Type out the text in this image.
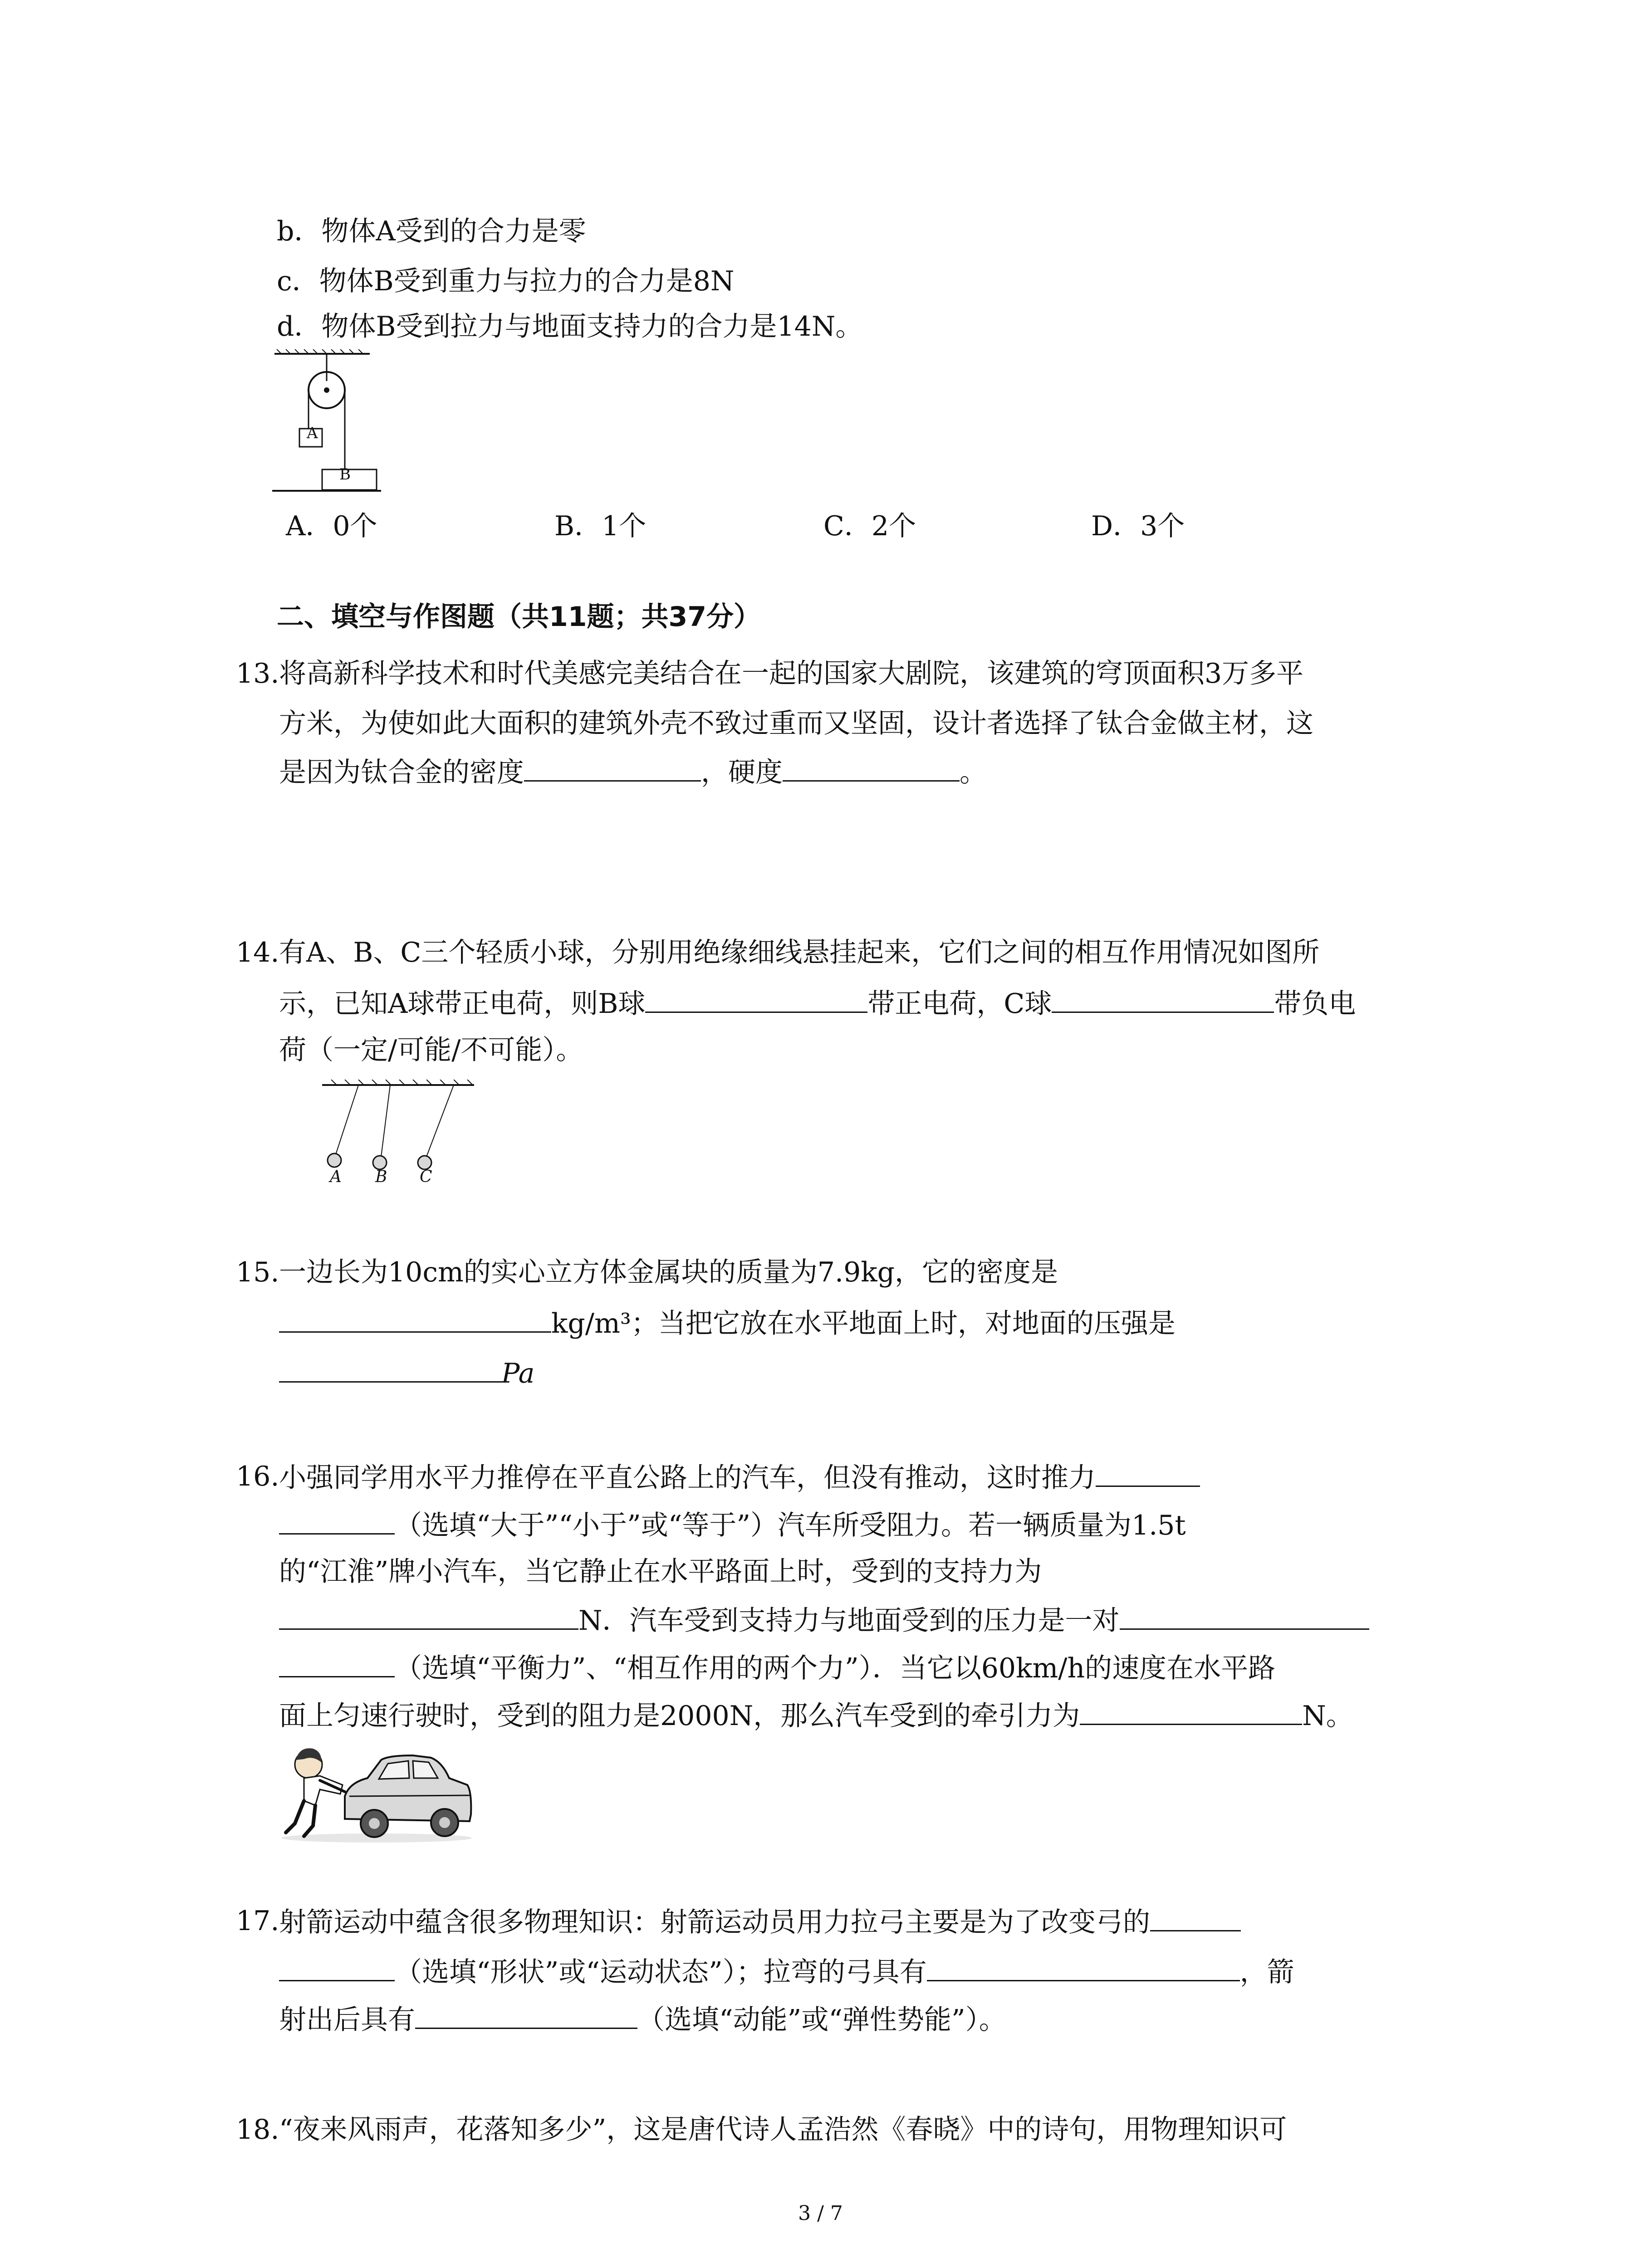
b．物体A受到的合力是零
c．物体B受到重力与拉力的合力是8N
d．物体B受到拉力与地面支持力的合力是14N。
A
B
A．0个	B．1个	C．2个	D．3个
二、填空与作图题（共11题；共37分）
13. 将高新科学技术和时代美感完美结合在一起的国家大剧院，该建筑的穹顶面积3万多平
方米，为使如此大面积的建筑外壳不致过重而又坚固，设计者选择了钛合金做主材，这
是因为钛合金的密度	，硬度	。
14. 有A、B、C三个轻质小球，分别用绝缘细线悬挂起来，它们之间的相互作用情况如图所
示，已知A球带正电荷，则B球	带正电荷，C球	带负电
荷（一定/可能/不可能）。
A B C
15. 一边长为10cm的实心立方体金属块的质量为7.9kg，它的密度是
kg/m³；当把它放在水平地面上时，对地面的压强是
Pa
16. 小强同学用水平力推停在平直公路上的汽车，但没有推动，这时推力
（选填“大于”“小于”或“等于”）汽车所受阻力。若一辆质量为1.5t
的“江淮”牌小汽车，当它静止在水平路面上时，受到的支持力为
N．汽车受到支持力与地面受到的压力是一对
（选填“平衡力”、“相互作用的两个力”）．当它以60km/h的速度在水平路
面上匀速行驶时，受到的阻力是2000N，那么汽车受到的牵引力为	N。
17. 射箭运动中蕴含很多物理知识：射箭运动员用力拉弓主要是为了改变弓的
（选填“形状”或“运动状态”）；拉弯的弓具有	，箭
射出后具有	（选填“动能”或“弹性势能”）。
18. “夜来风雨声，花落知多少”，这是唐代诗人孟浩然《春晓》中的诗句，用物理知识可
3 / 7
